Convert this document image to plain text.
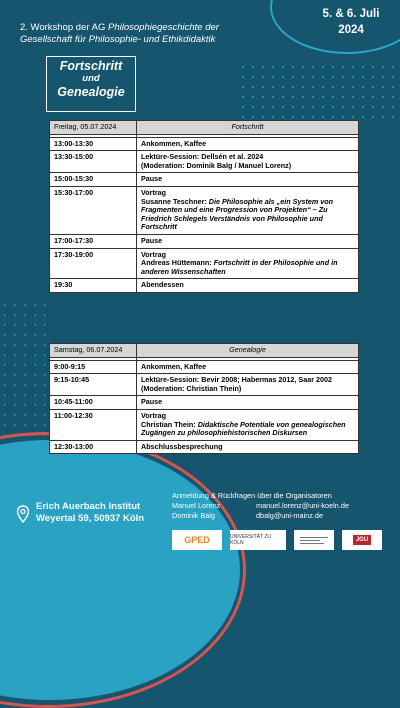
5. & 6. Juli
2024
2. Workshop der AG Philosophiegeschichte der
Gesellschaft für Philosophie- und Ethikdidaktik
Fortschritt
und
Genealogie
Freitag, 05.07.2024	Fortschritt

13:00-13:30	Ankommen, Kaffee
13:30-15:00	Lektüre-Session: Dellsén et al. 2024
(Moderation: Dominik Balg / Manuel Lorenz)

15:00-15:30	Pause
15:30-17:00	Vortrag
Susanne Teschner: Die Philosophie als „ein System von Fragmenten und eine Progression von Projekten“ – Zu Friedrich Schlegels Verständnis von Philosophie und Fortschritt
17:00-17:30	Pause
17:30-19:00	Vortrag
Andreas Hüttemann: Fortschritt in der Philosophie und in anderen Wissenschaften
19:30	Abendessen
Samstag, 06.07.2024	Genealogie

9:00-9:15	Ankommen, Kaffee
9:15-10:45	Lektüre-Session: Bevir 2008; Habermas 2012, Saar 2002
(Moderation: Christian Thein)

10:45-11:00	Pause
11:00-12:30	Vortrag
Christian Thein: Didaktische Potentiale von genealogischen Zugängen zu philosophiehistorischen Diskursen
12:30-13:00	Abschlussbesprechung
Erich Auerbach Institut
Weyertal 59, 50937 Köln
Anmeldung & Rückfragen über die Organisatoren
Manuel Lorenz	manuel.lorenz@uni-koeln.de
Dominik Balg	dbalg@uni-mainz.de
GPED	UNIVERSITÄT ZU KÖLN	JGU
